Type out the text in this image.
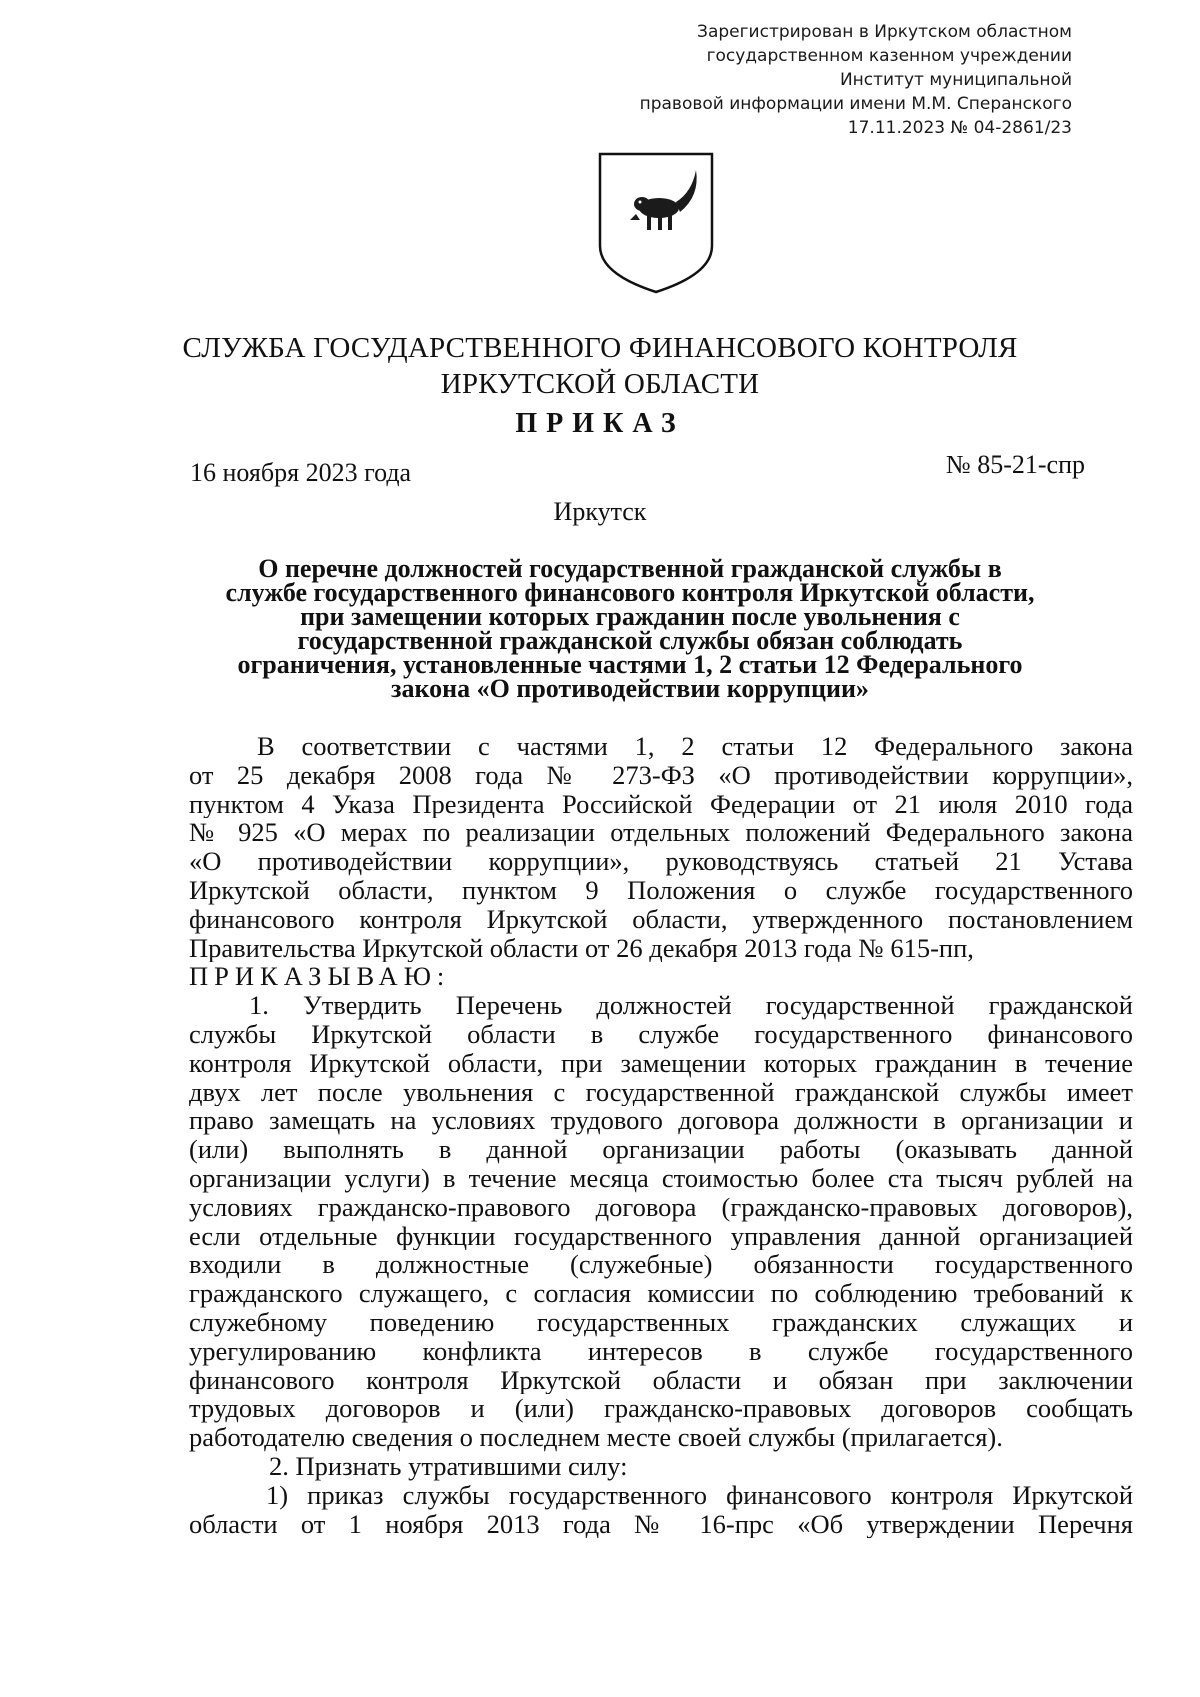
Зарегистрирован в Иркутском областном
государственном казенном учреждении
Институт муниципальной
правовой информации имени М.М. Сперанского
17.11.2023 № 04-2861/23
СЛУЖБА ГОСУДАРСТВЕННОГО ФИНАНСОВОГО КОНТРОЛЯ
ИРКУТСКОЙ ОБЛАСТИ
ПРИКАЗ
16 ноября 2023 года	№ 85-21-спр
Иркутск
О перечне должностей государственной гражданской службы в
службе государственного финансового контроля Иркутской области,
при замещении которых гражданин после увольнения с
государственной гражданской службы обязан соблюдать
ограничения, установленные частями 1, 2 статьи 12 Федерального
закона «О противодействии коррупции»
В соответствии с частями 1, 2 статьи 12 Федерального закона
от 25 декабря 2008 года № 273-ФЗ «О противодействии коррупции»,
пунктом 4 Указа Президента Российской Федерации от 21 июля 2010 года
№ 925 «О мерах по реализации отдельных положений Федерального закона
«О противодействии коррупции», руководствуясь статьей 21 Устава
Иркутской области, пунктом 9 Положения о службе государственного
финансового контроля Иркутской области, утвержденного постановлением
Правительства Иркутской области от 26 декабря 2013 года № 615-пп,
ПРИКАЗЫВАЮ:
1. Утвердить Перечень должностей государственной гражданской
службы Иркутской области в службе государственного финансового
контроля Иркутской области, при замещении которых гражданин в течение
двух лет после увольнения с государственной гражданской службы имеет
право замещать на условиях трудового договора должности в организации и
(или) выполнять в данной организации работы (оказывать данной
организации услуги) в течение месяца стоимостью более ста тысяч рублей на
условиях гражданско-правового договора (гражданско-правовых договоров),
если отдельные функции государственного управления данной организацией
входили в должностные (служебные) обязанности государственного
гражданского служащего, с согласия комиссии по соблюдению требований к
служебному поведению государственных гражданских служащих и
урегулированию конфликта интересов в службе государственного
финансового контроля Иркутской области и обязан при заключении
трудовых договоров и (или) гражданско-правовых договоров сообщать
работодателю сведения о последнем месте своей службы (прилагается).
2. Признать утратившими силу:
1) приказ службы государственного финансового контроля Иркутской
области от 1 ноября 2013 года № 16-прс «Об утверждении Перечня
